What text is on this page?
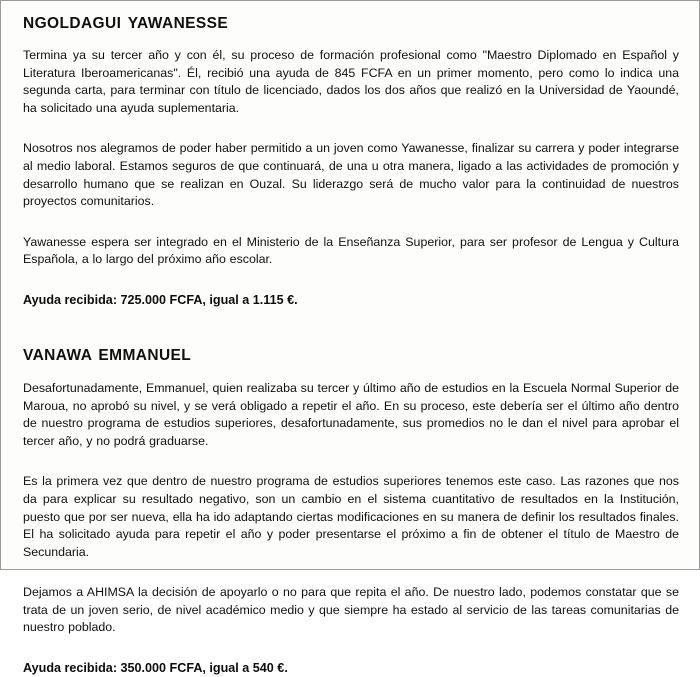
NGOLDAGUI YAWANESSE

Termina ya su tercer año y con él, su proceso de formación profesional como "Maestro Diplomado en Español y Literatura Iberoamericanas". Él, recibió una ayuda de 845 FCFA en un primer momento, pero como lo indica una segunda carta, para terminar con título de licenciado, dados los dos años que realizó en la Universidad de Yaoundé, ha solicitado una ayuda suplementaria.

Nosotros nos alegramos de poder haber permitido a un joven como Yawanesse, finalizar su carrera y poder integrarse al medio laboral. Estamos seguros de que continuará, de una u otra manera, ligado a las actividades de promoción y desarrollo humano que se realizan en Ouzal. Su liderazgo será de mucho valor para la continuidad de nuestros proyectos comunitarios.

Yawanesse espera ser integrado en el Ministerio de la Enseñanza Superior, para ser profesor de Lengua y Cultura Española, a lo largo del próximo año escolar.

Ayuda recibida: 725.000 FCFA, igual a 1.115 €.

VANAWA EMMANUEL

Desafortunadamente, Emmanuel, quien realizaba su tercer y último año de estudios en la Escuela Normal Superior de Maroua, no aprobó su nivel, y se verá obligado a repetir el año. En su proceso, este debería ser el último año dentro de nuestro programa de estudios superiores, desafortunadamente, sus promedios no le dan el nivel para aprobar el tercer año, y no podrá graduarse.

Es la primera vez que dentro de nuestro programa de estudios superiores tenemos este caso. Las razones que nos da para explicar su resultado negativo, son un cambio en el sistema cuantitativo de resultados en la Institución, puesto que por ser nueva, ella ha ido adaptando ciertas modificaciones en su manera de definir los resultados finales. El ha solicitado ayuda para repetir el año y poder presentarse el próximo a fin de obtener el título de Maestro de Secundaria.

Dejamos a AHIMSA la decisión de apoyarlo o no para que repita el año. De nuestro lado, podemos constatar que se trata de un joven serio, de nivel académico medio y que siempre ha estado al servicio de las tareas comunitarias de nuestro poblado.

Ayuda recibida: 350.000 FCFA, igual a 540 €.
